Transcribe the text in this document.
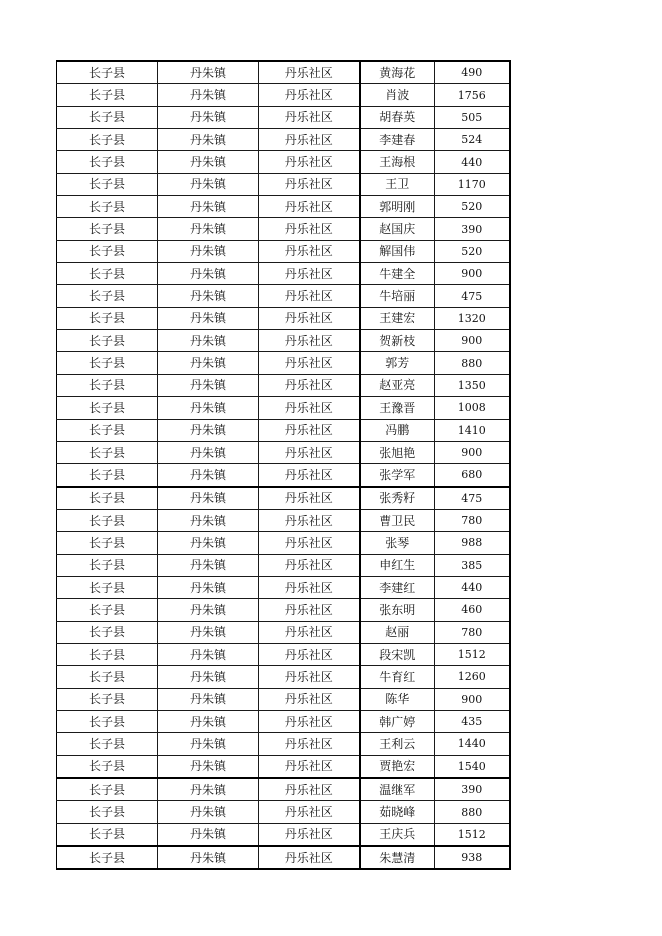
长子县	丹朱镇	丹乐社区	黄海花	490
长子县	丹朱镇	丹乐社区	肖波	1756
长子县	丹朱镇	丹乐社区	胡春英	505
长子县	丹朱镇	丹乐社区	李建春	524
长子县	丹朱镇	丹乐社区	王海根	440
长子县	丹朱镇	丹乐社区	王卫	1170
长子县	丹朱镇	丹乐社区	郭明刚	520
长子县	丹朱镇	丹乐社区	赵国庆	390
长子县	丹朱镇	丹乐社区	解国伟	520
长子县	丹朱镇	丹乐社区	牛建全	900
长子县	丹朱镇	丹乐社区	牛培丽	475
长子县	丹朱镇	丹乐社区	王建宏	1320
长子县	丹朱镇	丹乐社区	贺新枝	900
长子县	丹朱镇	丹乐社区	郭芳	880
长子县	丹朱镇	丹乐社区	赵亚亮	1350
长子县	丹朱镇	丹乐社区	王豫晋	1008
长子县	丹朱镇	丹乐社区	冯鹏	1410
长子县	丹朱镇	丹乐社区	张旭艳	900
长子县	丹朱镇	丹乐社区	张学军	680
长子县	丹朱镇	丹乐社区	张秀籽	475
长子县	丹朱镇	丹乐社区	曹卫民	780
长子县	丹朱镇	丹乐社区	张琴	988
长子县	丹朱镇	丹乐社区	申红生	385
长子县	丹朱镇	丹乐社区	李建红	440
长子县	丹朱镇	丹乐社区	张东明	460
长子县	丹朱镇	丹乐社区	赵丽	780
长子县	丹朱镇	丹乐社区	段宋凯	1512
长子县	丹朱镇	丹乐社区	牛育红	1260
长子县	丹朱镇	丹乐社区	陈华	900
长子县	丹朱镇	丹乐社区	韩广婷	435
长子县	丹朱镇	丹乐社区	王利云	1440
长子县	丹朱镇	丹乐社区	贾艳宏	1540
长子县	丹朱镇	丹乐社区	温继军	390
长子县	丹朱镇	丹乐社区	茹晓峰	880
长子县	丹朱镇	丹乐社区	王庆兵	1512
长子县	丹朱镇	丹乐社区	朱慧清	938
